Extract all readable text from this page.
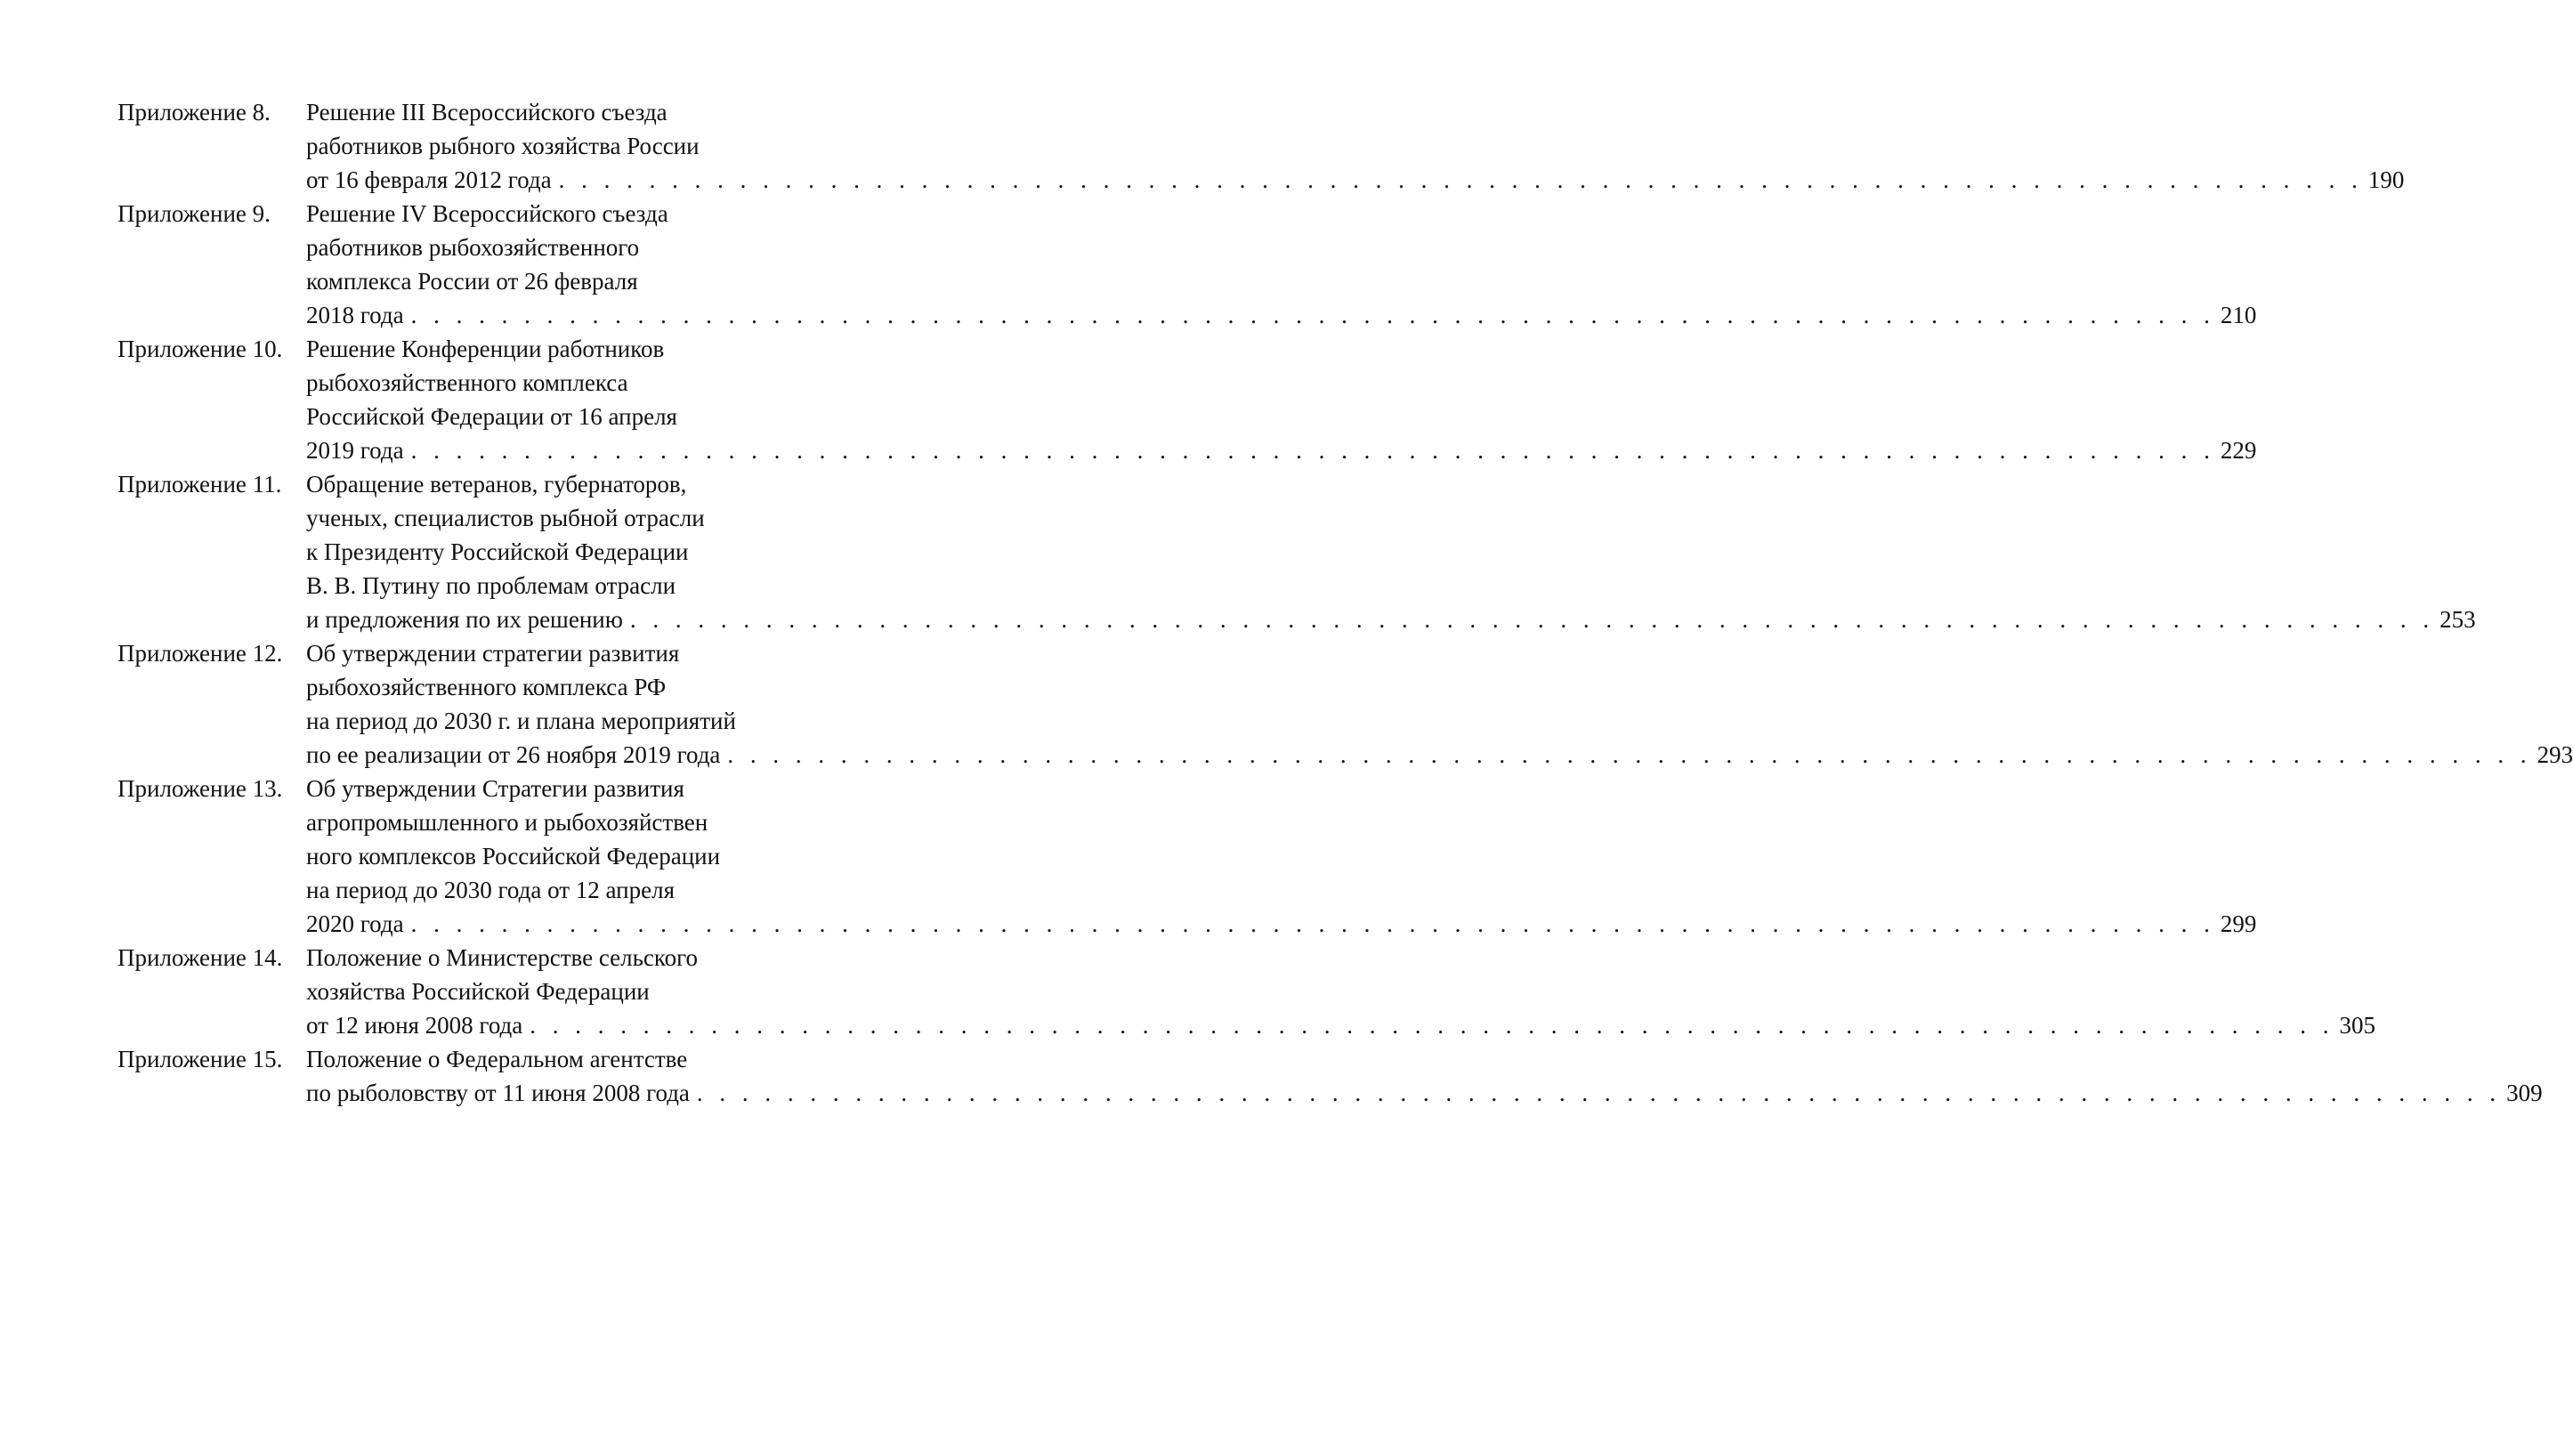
Приложение 8.	Решение III Всероссийского съезда
работников рыбного хозяйства России
от 16 февраля 2012 года . . . . . . . . . . . . . . . . . . . . . . . . . . . . . . . . . . . . . . . . . . . . . . . . . . . . . . . . . . . . . . . . . . . . . . . . . . . . . . . . 190
Приложение 9.	Решение IV Всероссийского съезда
работников рыбохозяйственного
комплекса России от 26 февраля
2018 года . . . . . . . . . . . . . . . . . . . . . . . . . . . . . . . . . . . . . . . . . . . . . . . . . . . . . . . . . . . . . . . . . . . . . . . . . . . . . . . . 210
Приложение 10. Решение Конференции работников
рыбохозяйственного комплекса
Российской Федерации от 16 апреля
2019 года . . . . . . . . . . . . . . . . . . . . . . . . . . . . . . . . . . . . . . . . . . . . . . . . . . . . . . . . . . . . . . . . . . . . . . . . . . . . . . . . 229
Приложение 11.	Обращение ветеранов, губернаторов,
ученых, специалистов рыбной отрасли
к Президенту Российской Федерации
В. В. Путину по проблемам отрасли
и предложения по их решению . . . . . . . . . . . . . . . . . . . . . . . . . . . . . . . . . . . . . . . . . . . . . . . . . . . . . . . . . . . . . . . . . . . . . . . . . . . . . . . . 253
Приложение 12. Об утверждении стратегии развития
рыбохозяйственного комплекса РФ
на период до 2030 г. и плана мероприятий
по ее реализации от 26 ноября 2019 года . . . . . . . . . . . . . . . . . . . . . . . . . . . . . . . . . . . . . . . . . . . . . . . . . . . . . . . . . . . . . . . . . . . . . . . . . . . . . . . . 293
Приложение 13. Об утверждении Стратегии развития
агропромышленного и рыбохозяйствен
ного комплексов Российской Федерации
на период до 2030 года от 12 апреля
2020 года . . . . . . . . . . . . . . . . . . . . . . . . . . . . . . . . . . . . . . . . . . . . . . . . . . . . . . . . . . . . . . . . . . . . . . . . . . . . . . . . 299
Приложение 14. Положение о Министерстве сельского
хозяйства Российской Федерации
от 12 июня 2008 года . . . . . . . . . . . . . . . . . . . . . . . . . . . . . . . . . . . . . . . . . . . . . . . . . . . . . . . . . . . . . . . . . . . . . . . . . . . . . . . . 305
Приложение 15. Положение о Федеральном агентстве
по рыболовству от 11 июня 2008 года . . . . . . . . . . . . . . . . . . . . . . . . . . . . . . . . . . . . . . . . . . . . . . . . . . . . . . . . . . . . . . . . . . . . . . . . . . . . . . . . 309
